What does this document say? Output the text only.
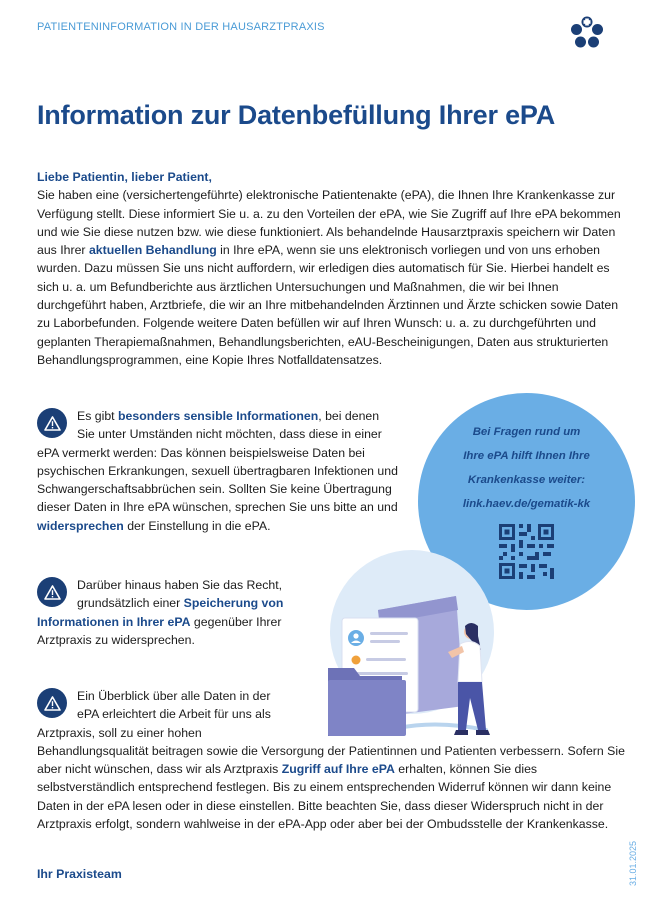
PATIENTENINFORMATION IN DER HAUSARZTPRAXIS
Information zur Datenbefüllung Ihrer ePA
Liebe Patientin, lieber Patient,
Sie haben eine (versichertengeführte) elektronische Patientenakte (ePA), die Ihnen Ihre Krankenkasse zur Verfügung stellt. Diese informiert Sie u. a. zu den Vorteilen der ePA, wie Sie Zugriff auf Ihre ePA bekommen und wie Sie diese nutzen bzw. wie diese funktioniert. Als behandelnde Hausarztpraxis speichern wir Daten aus Ihrer aktuellen Behandlung in Ihre ePA, wenn sie uns elektronisch vorliegen und von uns erhoben wurden. Dazu müssen Sie uns nicht auffordern, wir erledigen dies automatisch für Sie. Hierbei handelt es sich u. a. um Befundberichte aus ärztlichen Untersuchungen und Maßnahmen, die wir bei Ihnen durchgeführt haben, Arztbriefe, die wir an Ihre mitbehandelnden Ärztinnen und Ärzte schicken sowie Daten zu Laborbefunden. Folgende weitere Daten befüllen wir auf Ihren Wunsch: u. a. zu durchgeführten und geplanten Therapiemaßnahmen, Behandlungsberichten, eAU-Bescheinigungen, Daten aus strukturierten Behandlungsprogrammen, eine Kopie Ihres Notfalldatensatzes.
Es gibt besonders sensible Informationen, bei denen Sie unter Umständen nicht möchten, dass diese in einer ePA vermerkt werden: Das können beispielsweise Daten bei psychischen Erkrankungen, sexuell übertragbaren Infektionen und Schwangerschaftsabbrüchen sein. Sollten Sie keine Übertragung dieser Daten in Ihre ePA wünschen, sprechen Sie uns bitte an und widersprechen der Einstellung in die ePA.
Darüber hinaus haben Sie das Recht, grundsätzlich einer Speicherung von Informationen in Ihrer ePA gegenüber Ihrer Arztpraxis zu widersprechen.
Ein Überblick über alle Daten in der ePA erleichtert die Arbeit für uns als Arztpraxis, soll zu einer hohen Behandlungsqualität beitragen sowie die Versorgung der Patientinnen und Patienten verbessern. Sofern Sie aber nicht wünschen, dass wir als Arztpraxis Zugriff auf Ihre ePA erhalten, können Sie dies selbstverständlich entsprechend festlegen. Bis zu einem entsprechenden Widerruf können wir dann keine Daten in der ePA lesen oder in diese einstellen. Bitte beachten Sie, dass dieser Widerspruch nicht in der Arztpraxis erfolgt, sondern wahlweise in der ePA-App oder aber bei der Ombudsstelle der Krankenkasse.
Bei Fragen rund um
Ihre ePA hilft Ihnen Ihre
Krankenkasse weiter:
link.haev.de/gematik-kk
Ihr Praxisteam	31.01.2025
